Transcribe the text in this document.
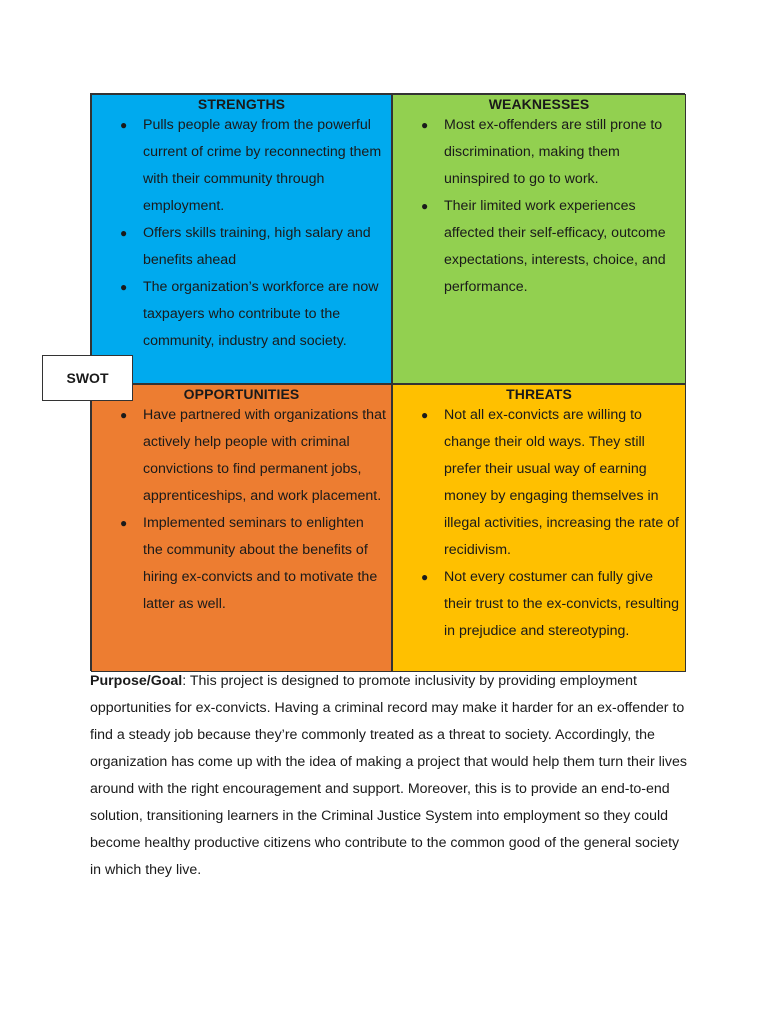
STRENGTHS
● Pulls people away from the powerful current of crime by reconnecting them with their community through employment.
● Offers skills training, high salary and benefits ahead
● The organization’s workforce are now taxpayers who contribute to the community, industry and society.
WEAKNESSES
● Most ex-offenders are still prone to discrimination, making them uninspired to go to work.
● Their limited work experiences affected their self-efficacy, outcome expectations, interests, choice, and performance.
OPPORTUNITIES
● Have partnered with organizations that actively help people with criminal convictions to find permanent jobs, apprenticeships, and work placement.
● Implemented seminars to enlighten the community about the benefits of hiring ex-convicts and to motivate the latter as well.
THREATS
● Not all ex-convicts are willing to change their old ways. They still prefer their usual way of earning money by engaging themselves in illegal activities, increasing the rate of recidivism.
● Not every costumer can fully give their trust to the ex-convicts, resulting in prejudice and stereotyping.
SWOT

Purpose/Goal: This project is designed to promote inclusivity by providing employment opportunities for ex-convicts. Having a criminal record may make it harder for an ex-offender to find a steady job because they’re commonly treated as a threat to society. Accordingly, the organization has come up with the idea of making a project that would help them turn their lives around with the right encouragement and support. Moreover, this is to provide an end-to-end solution, transitioning learners in the Criminal Justice System into employment so they could become healthy productive citizens who contribute to the common good of the general society in which they live.
